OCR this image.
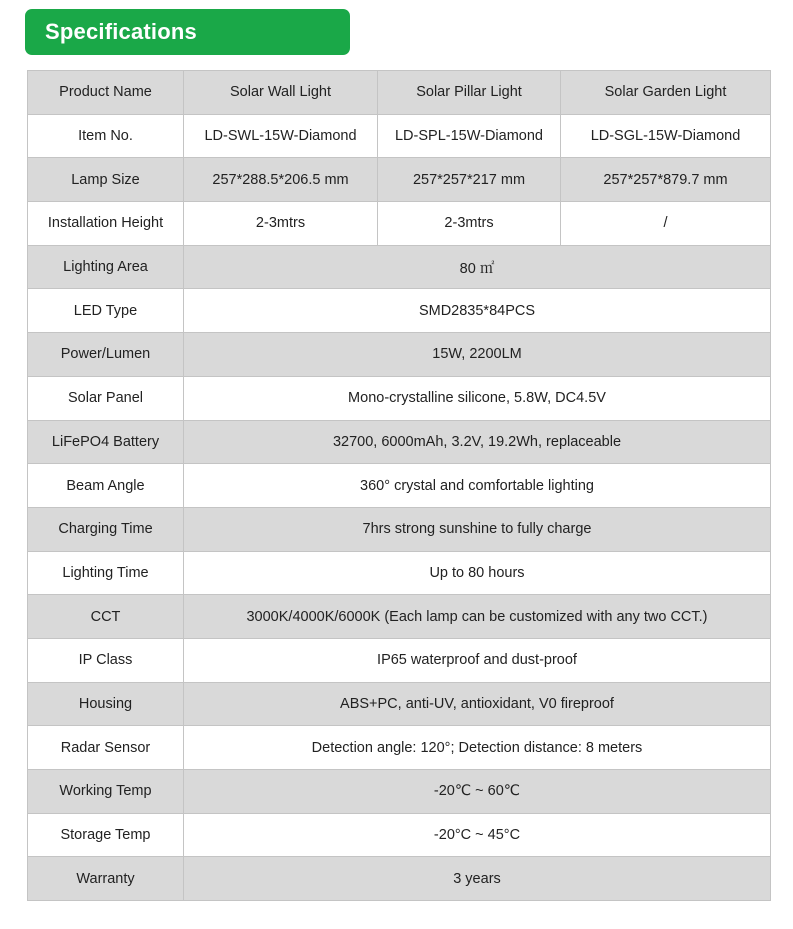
Specifications
Product Name	Solar Wall Light	Solar Pillar Light	Solar Garden Light
Item No.	LD-SWL-15W-Diamond	LD-SPL-15W-Diamond	LD-SGL-15W-Diamond
Lamp Size	257*288.5*206.5 mm	257*257*217 mm	257*257*879.7 mm
Installation Height	2-3mtrs	2-3mtrs	/
Lighting Area	80 ㎡		
LED Type	SMD2835*84PCS		
Power/Lumen	15W, 2200LM		
Solar Panel	Mono-crystalline silicone, 5.8W, DC4.5V		
LiFePO4 Battery	32700, 6000mAh, 3.2V, 19.2Wh, replaceable		
Beam Angle	360° crystal and comfortable lighting		
Charging Time	7hrs strong sunshine to fully charge		
Lighting Time	Up to 80 hours		
CCT	3000K/4000K/6000K (Each lamp can be customized with any two CCT.)		
IP Class	IP65 waterproof and dust-proof		
Housing	ABS+PC, anti-UV, antioxidant, V0 fireproof		
Radar Sensor	Detection angle: 120°; Detection distance: 8 meters		
Working Temp	-20℃ ~ 60℃		
Storage Temp	-20°C ~ 45°C		
Warranty	3 years		
